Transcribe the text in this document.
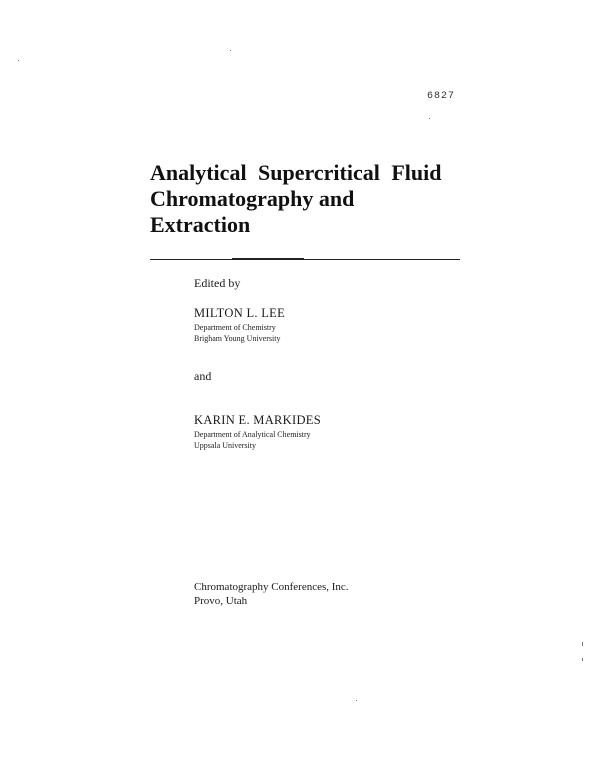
6827
Analytical Supercritical Fluid
Chromatography and
Extraction
Edited by
MILTON L. LEE
Department of Chemistry
Brigham Young University
and
KARIN E. MARKIDES
Department of Analytical Chemistry
Uppsala University
Chromatography Conferences, Inc.
Provo, Utah
